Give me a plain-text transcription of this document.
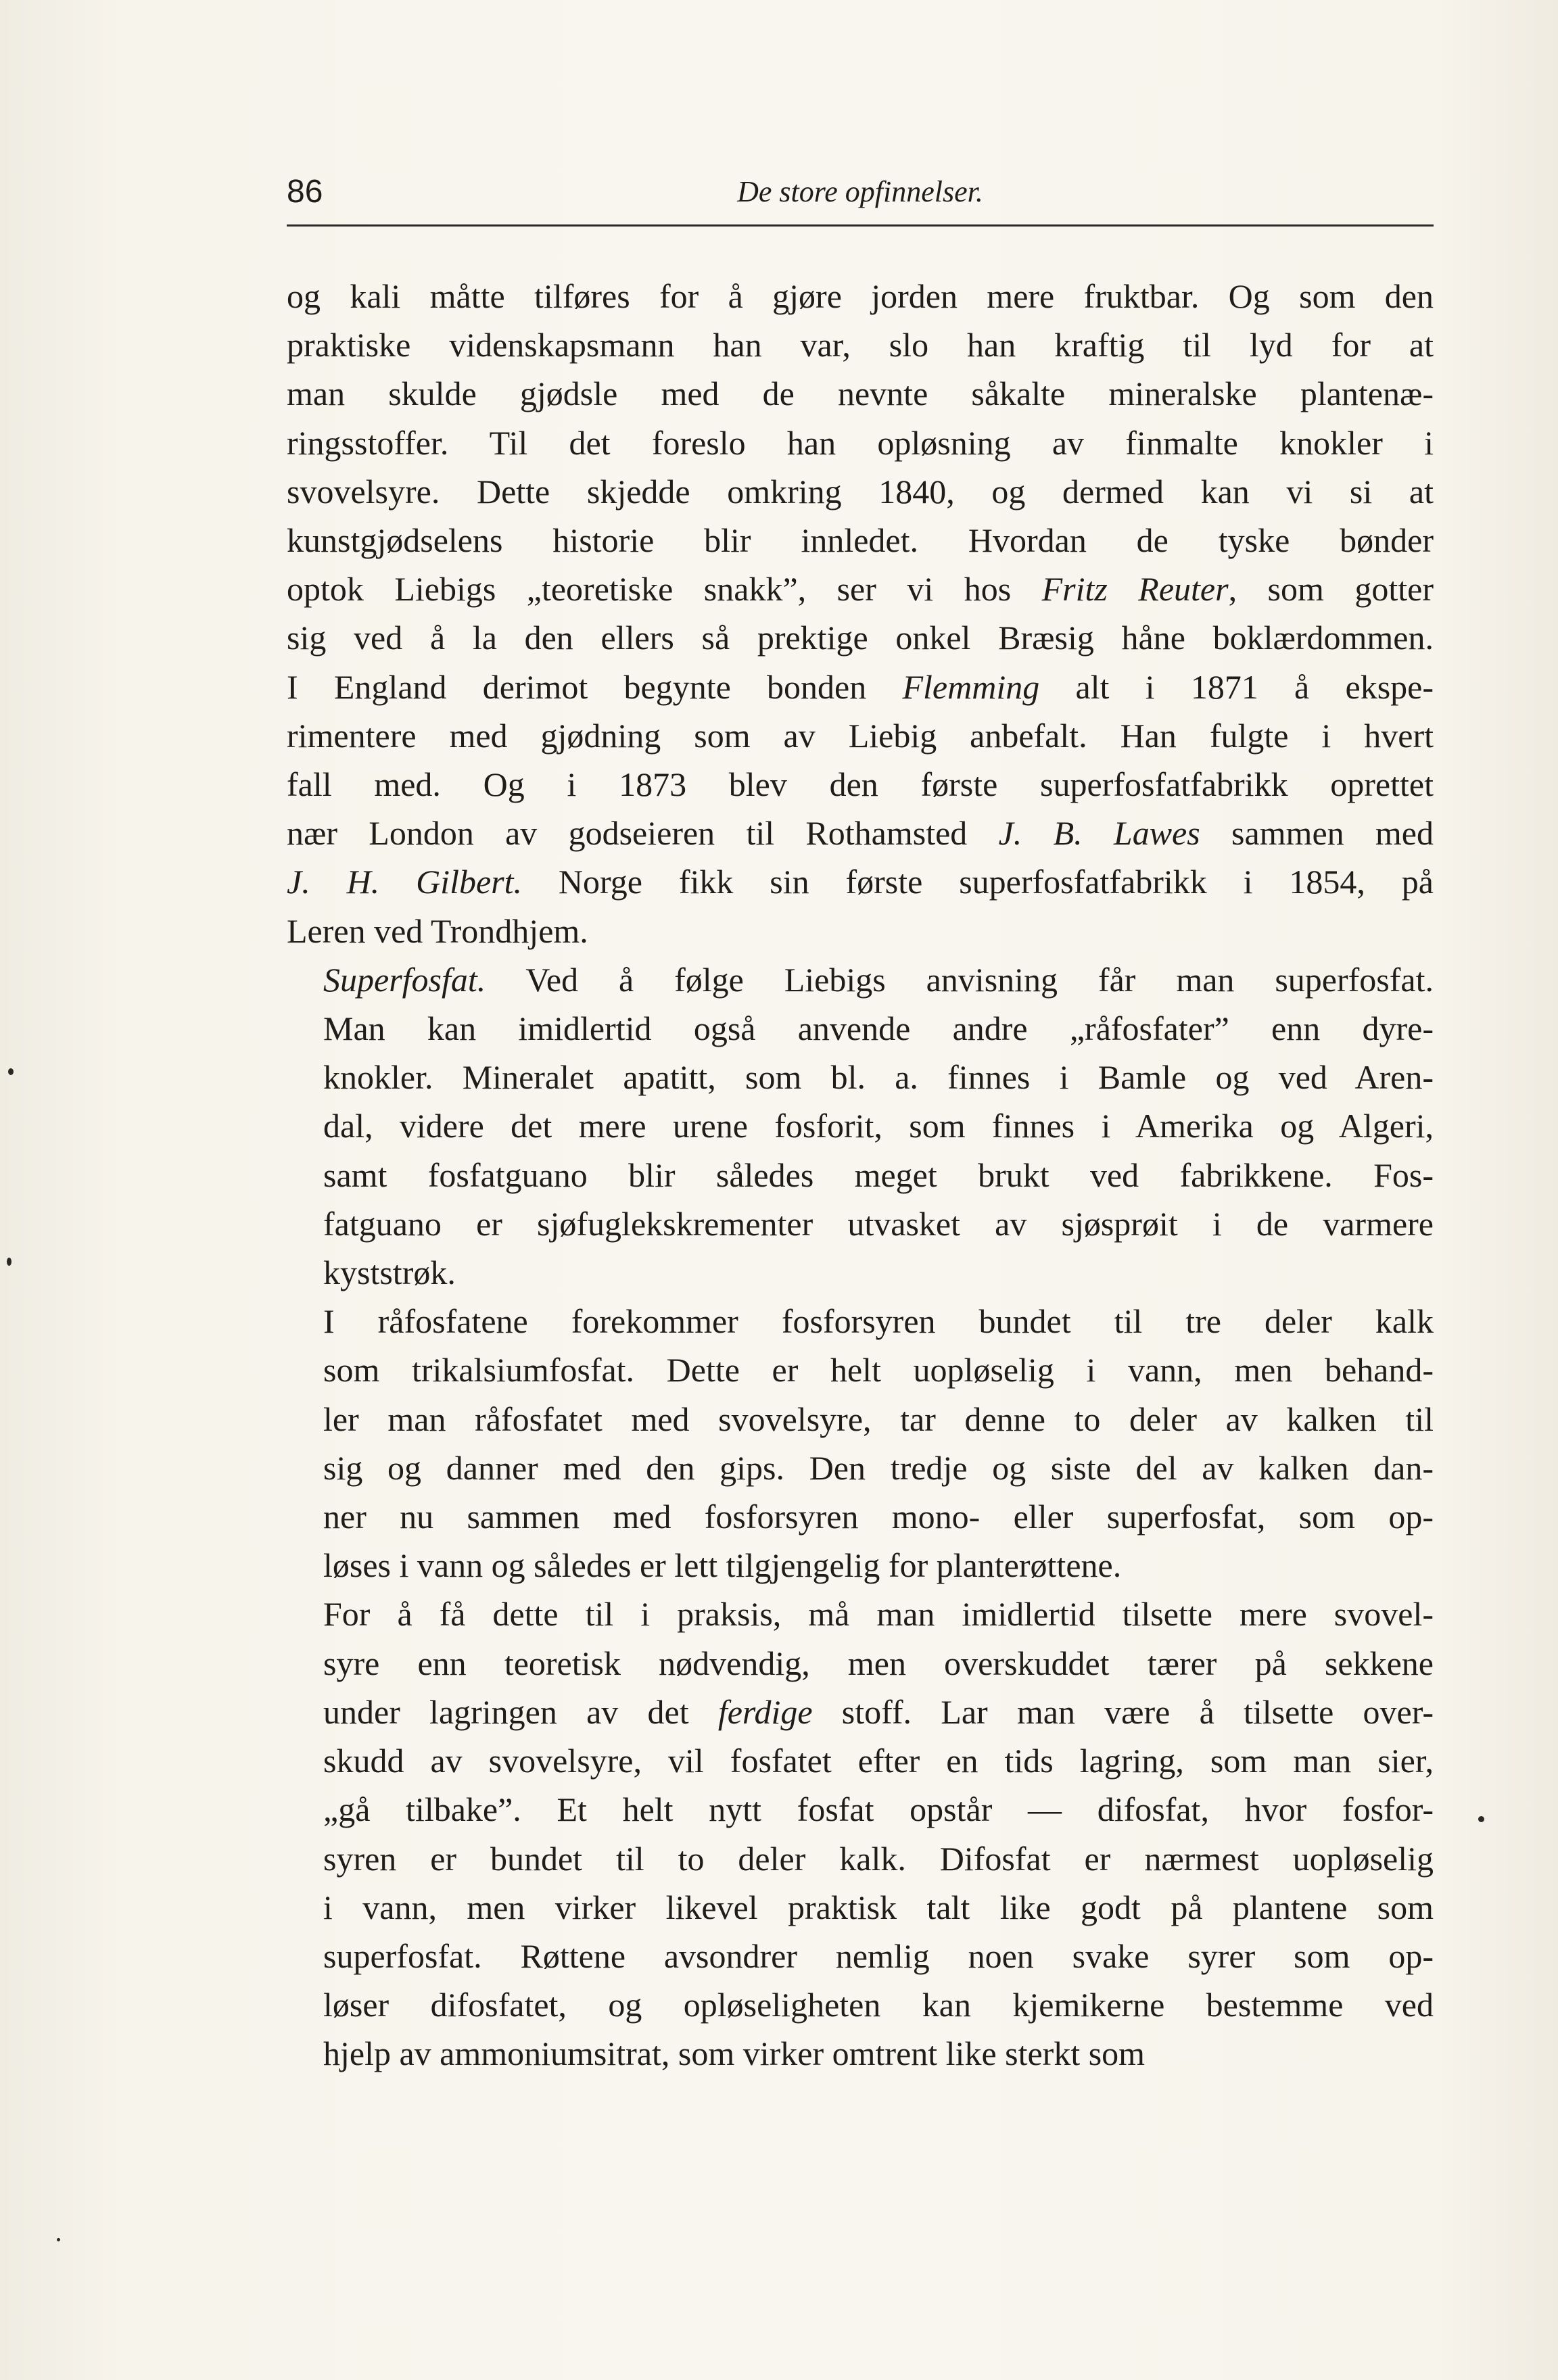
86	De store opfinnelser.
og kali måtte tilføres for å gjøre jorden mere fruktbar. Og som den
praktiske videnskapsmann han var, slo han kraftig til lyd for at
man skulde gjødsle med de nevnte såkalte mineralske plantenæ-
ringsstoffer. Til det foreslo han opløsning av finmalte knokler i
svovelsyre. Dette skjedde omkring 1840, og dermed kan vi si at
kunstgjødselens historie blir innledet. Hvordan de tyske bønder
optok Liebigs „teoretiske snakk”, ser vi hos Fritz Reuter, som gotter
sig ved å la den ellers så prektige onkel Bræsig håne boklærdommen.
I England derimot begynte bonden Flemming alt i 1871 å ekspe-
rimentere med gjødning som av Liebig anbefalt. Han fulgte i hvert
fall med. Og i 1873 blev den første superfosfatfabrikk oprettet
nær London av godseieren til Rothamsted J. B. Lawes sammen med
J. H. Gilbert. Norge fikk sin første superfosfatfabrikk i 1854, på
Leren ved Trondhjem.
Superfosfat. Ved å følge Liebigs anvisning får man superfosfat.
Man kan imidlertid også anvende andre „råfosfater” enn dyre-
knokler. Mineralet apatitt, som bl. a. finnes i Bamle og ved Aren-
dal, videre det mere urene fosforit, som finnes i Amerika og Algeri,
samt fosfatguano blir således meget brukt ved fabrikkene. Fos-
fatguano er sjøfuglekskrementer utvasket av sjøsprøit i de varmere
kyststrøk.
I råfosfatene forekommer fosforsyren bundet til tre deler kalk
som trikalsiumfosfat. Dette er helt uopløselig i vann, men behand-
ler man råfosfatet med svovelsyre, tar denne to deler av kalken til
sig og danner med den gips. Den tredje og siste del av kalken dan-
ner nu sammen med fosforsyren mono- eller superfosfat, som op-
løses i vann og således er lett tilgjengelig for planterøttene.
For å få dette til i praksis, må man imidlertid tilsette mere svovel-
syre enn teoretisk nødvendig, men overskuddet tærer på sekkene
under lagringen av det ferdige stoff. Lar man være å tilsette over-
skudd av svovelsyre, vil fosfatet efter en tids lagring, som man sier,
„gå tilbake”. Et helt nytt fosfat opstår — difosfat, hvor fosfor-
syren er bundet til to deler kalk. Difosfat er nærmest uopløselig
i vann, men virker likevel praktisk talt like godt på plantene som
superfosfat. Røttene avsondrer nemlig noen svake syrer som op-
løser difosfatet, og opløseligheten kan kjemikerne bestemme ved
hjelp av ammoniumsitrat, som virker omtrent like sterkt som
